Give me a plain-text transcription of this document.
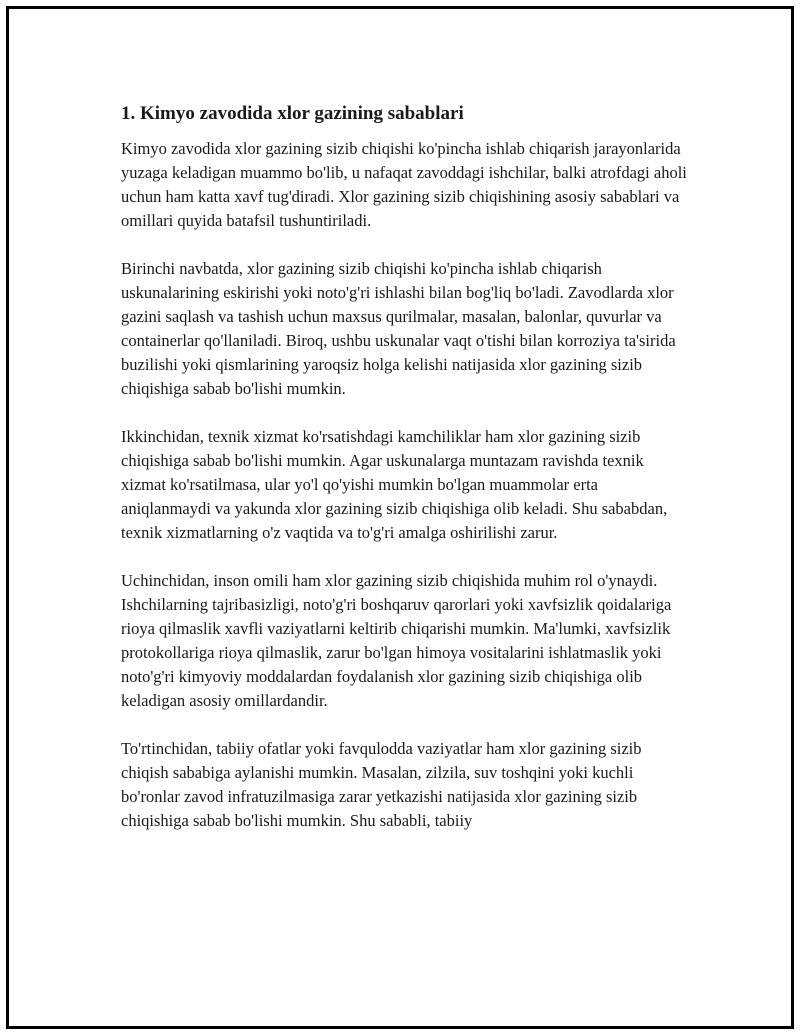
1. Kimyo zavodida xlor gazining sabablari

Kimyo zavodida xlor gazining sizib chiqishi ko'pincha ishlab chiqarish jarayonlarida yuzaga keladigan muammo bo'lib, u nafaqat zavoddagi ishchilar, balki atrofdagi aholi uchun ham katta xavf tug'diradi. Xlor gazining sizib chiqishining asosiy sabablari va omillari quyida batafsil tushuntiriladi.

Birinchi navbatda, xlor gazining sizib chiqishi ko'pincha ishlab chiqarish uskunalarining eskirishi yoki noto'g'ri ishlashi bilan bog'liq bo'ladi. Zavodlarda xlor gazini saqlash va tashish uchun maxsus qurilmalar, masalan, balonlar, quvurlar va containerlar qo'llaniladi. Biroq, ushbu uskunalar vaqt o'tishi bilan korroziya ta'sirida buzilishi yoki qismlarining yaroqsiz holga kelishi natijasida xlor gazining sizib chiqishiga sabab bo'lishi mumkin.

Ikkinchidan, texnik xizmat ko'rsatishdagi kamchiliklar ham xlor gazining sizib chiqishiga sabab bo'lishi mumkin. Agar uskunalarga muntazam ravishda texnik xizmat ko'rsatilmasa, ular yo'l qo'yishi mumkin bo'lgan muammolar erta aniqlanmaydi va yakunda xlor gazining sizib chiqishiga olib keladi. Shu sababdan, texnik xizmatlarning o'z vaqtida va to'g'ri amalga oshirilishi zarur.

Uchinchidan, inson omili ham xlor gazining sizib chiqishida muhim rol o'ynaydi. Ishchilarning tajribasizligi, noto'g'ri boshqaruv qarorlari yoki xavfsizlik qoidalariga rioya qilmaslik xavfli vaziyatlarni keltirib chiqarishi mumkin. Ma'lumki, xavfsizlik protokollariga rioya qilmaslik, zarur bo'lgan himoya vositalarini ishlatmaslik yoki noto'g'ri kimyoviy moddalardan foydalanish xlor gazining sizib chiqishiga olib keladigan asosiy omillardandir.

To'rtinchidan, tabiiy ofatlar yoki favqulodda vaziyatlar ham xlor gazining sizib chiqish sababiga aylanishi mumkin. Masalan, zilzila, suv toshqini yoki kuchli bo'ronlar zavod infratuzilmasiga zarar yetkazishi natijasida xlor gazining sizib chiqishiga sabab bo'lishi mumkin. Shu sababli, tabiiy
